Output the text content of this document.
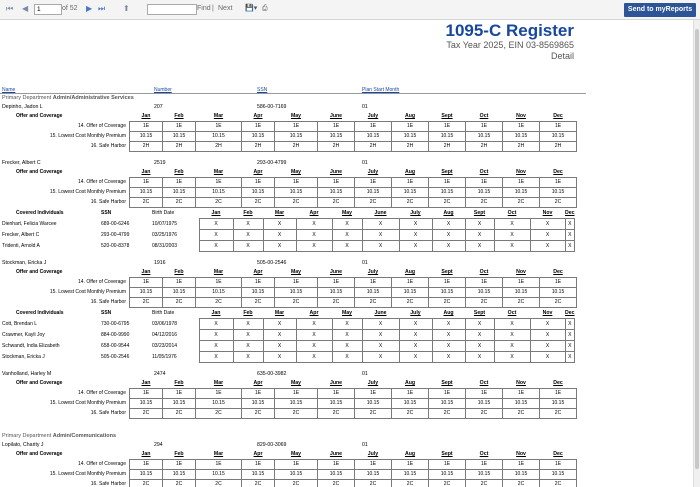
⏮ ◀
1	of 52 ▶ ⏭ ⬆	Find | Next 💾▾ ⎙	Send to myReports
1095-C Register
Tax Year 2025, EIN 03-8569865
Detail
Name	Number	SSN	Plan Start Month
Primary Department Admin/Administrative Services
Depinho, Jadon L	207	586-00-7169	01
Offer and Coverage	Jan	Feb	Mar	Apr	May	June	July	Aug	Sept	Oct	Nov	Dec
14. Offer of Coverage	1E	1E	1E	1E	1E	1E	1E	1E	1E	1E	1E	1E
15. Lowest Cost Monthly Premium	10.15	10.15	10.15	10.15	10.15	10.15	10.15	10.15	10.15	10.15	10.15	10.15
16. Safe Harbor	2H	2H	2H	2H	2H	2H	2H	2H	2H	2H	2H	2H
Frecker, Albert C	2519	293-00-4799	01
Offer and Coverage	Jan	Feb	Mar	Apr	May	June	July	Aug	Sept	Oct	Nov	Dec
14. Offer of Coverage	1E	1E	1E	1E	1E	1E	1E	1E	1E	1E	1E	1E
15. Lowest Cost Monthly Premium	10.15	10.15	10.15	10.15	10.15	10.15	10.15	10.15	10.15	10.15	10.15	10.15
16. Safe Harbor	2C	2C	2C	2C	2C	2C	2C	2C	2C	2C	2C	2C
Covered Individuals	SSN	Birth Date	Jan	Feb	Mar	Apr	May	June	July	Aug	Sept	Oct	Nov	Dec
Dienhart, Felicia Warcee	689-00-6246	10/07/1975	X	X	X	X	X	X	X	X	X	X	X	X
Frecker, Albert C	293-00-4799	03/25/1976	X	X	X	X	X	X	X	X	X	X	X	X
Tridenti, Arnold A	520-00-8378	08/31/2003	X	X	X	X	X	X	X	X	X	X	X	X
Stockman, Ericka J	1916	505-00-2546	01
Offer and Coverage	Jan	Feb	Mar	Apr	May	June	July	Aug	Sept	Oct	Nov	Dec
14. Offer of Coverage	1E	1E	1E	1E	1E	1E	1E	1E	1E	1E	1E	1E
15. Lowest Cost Monthly Premium	10.15	10.15	10.15	10.15	10.15	10.15	10.15	10.15	10.15	10.15	10.15	10.15
16. Safe Harbor	2C	2C	2C	2C	2C	2C	2C	2C	2C	2C	2C	2C
Covered Individuals	SSN	Birth Date	Jan	Feb	Mar	Apr	May	June	July	Aug	Sept	Oct	Nov	Dec
Cott, Brendan L	730-00-6795	03/06/1978	X	X	X	X	X	X	X	X	X	X	X	X
Crawmer, Kayli Joy	884-00-9990	04/12/2016	X	X	X	X	X	X	X	X	X	X	X	X
Schwandt, India Elizabeth	658-00-9544	03/23/2014	X	X	X	X	X	X	X	X	X	X	X	X
Stockman, Ericka J	505-00-2546	11/05/1976	X	X	X	X	X	X	X	X	X	X	X	X
Vanholland, Harley M	2474	635-00-3982	01
Offer and Coverage	Jan	Feb	Mar	Apr	May	June	July	Aug	Sept	Oct	Nov	Dec
14. Offer of Coverage	1E	1E	1E	1E	1E	1E	1E	1E	1E	1E	1E	1E
15. Lowest Cost Monthly Premium	10.15	10.15	10.15	10.15	10.15	10.15	10.15	10.15	10.15	10.15	10.15	10.15
16. Safe Harbor	2C	2C	2C	2C	2C	2C	2C	2C	2C	2C	2C	2C
Primary Department Admin/Communications
Lopilato, Charity J	294	829-00-3069	01
Offer and Coverage	Jan	Feb	Mar	Apr	May	June	July	Aug	Sept	Oct	Nov	Dec
14. Offer of Coverage	1E	1E	1E	1E	1E	1E	1E	1E	1E	1E	1E	1E
15. Lowest Cost Monthly Premium	10.15	10.15	10.15	10.15	10.15	10.15	10.15	10.15	10.15	10.15	10.15	10.15
16. Safe Harbor	2C	2C	2C	2C	2C	2C	2C	2C	2C	2C	2C	2C
